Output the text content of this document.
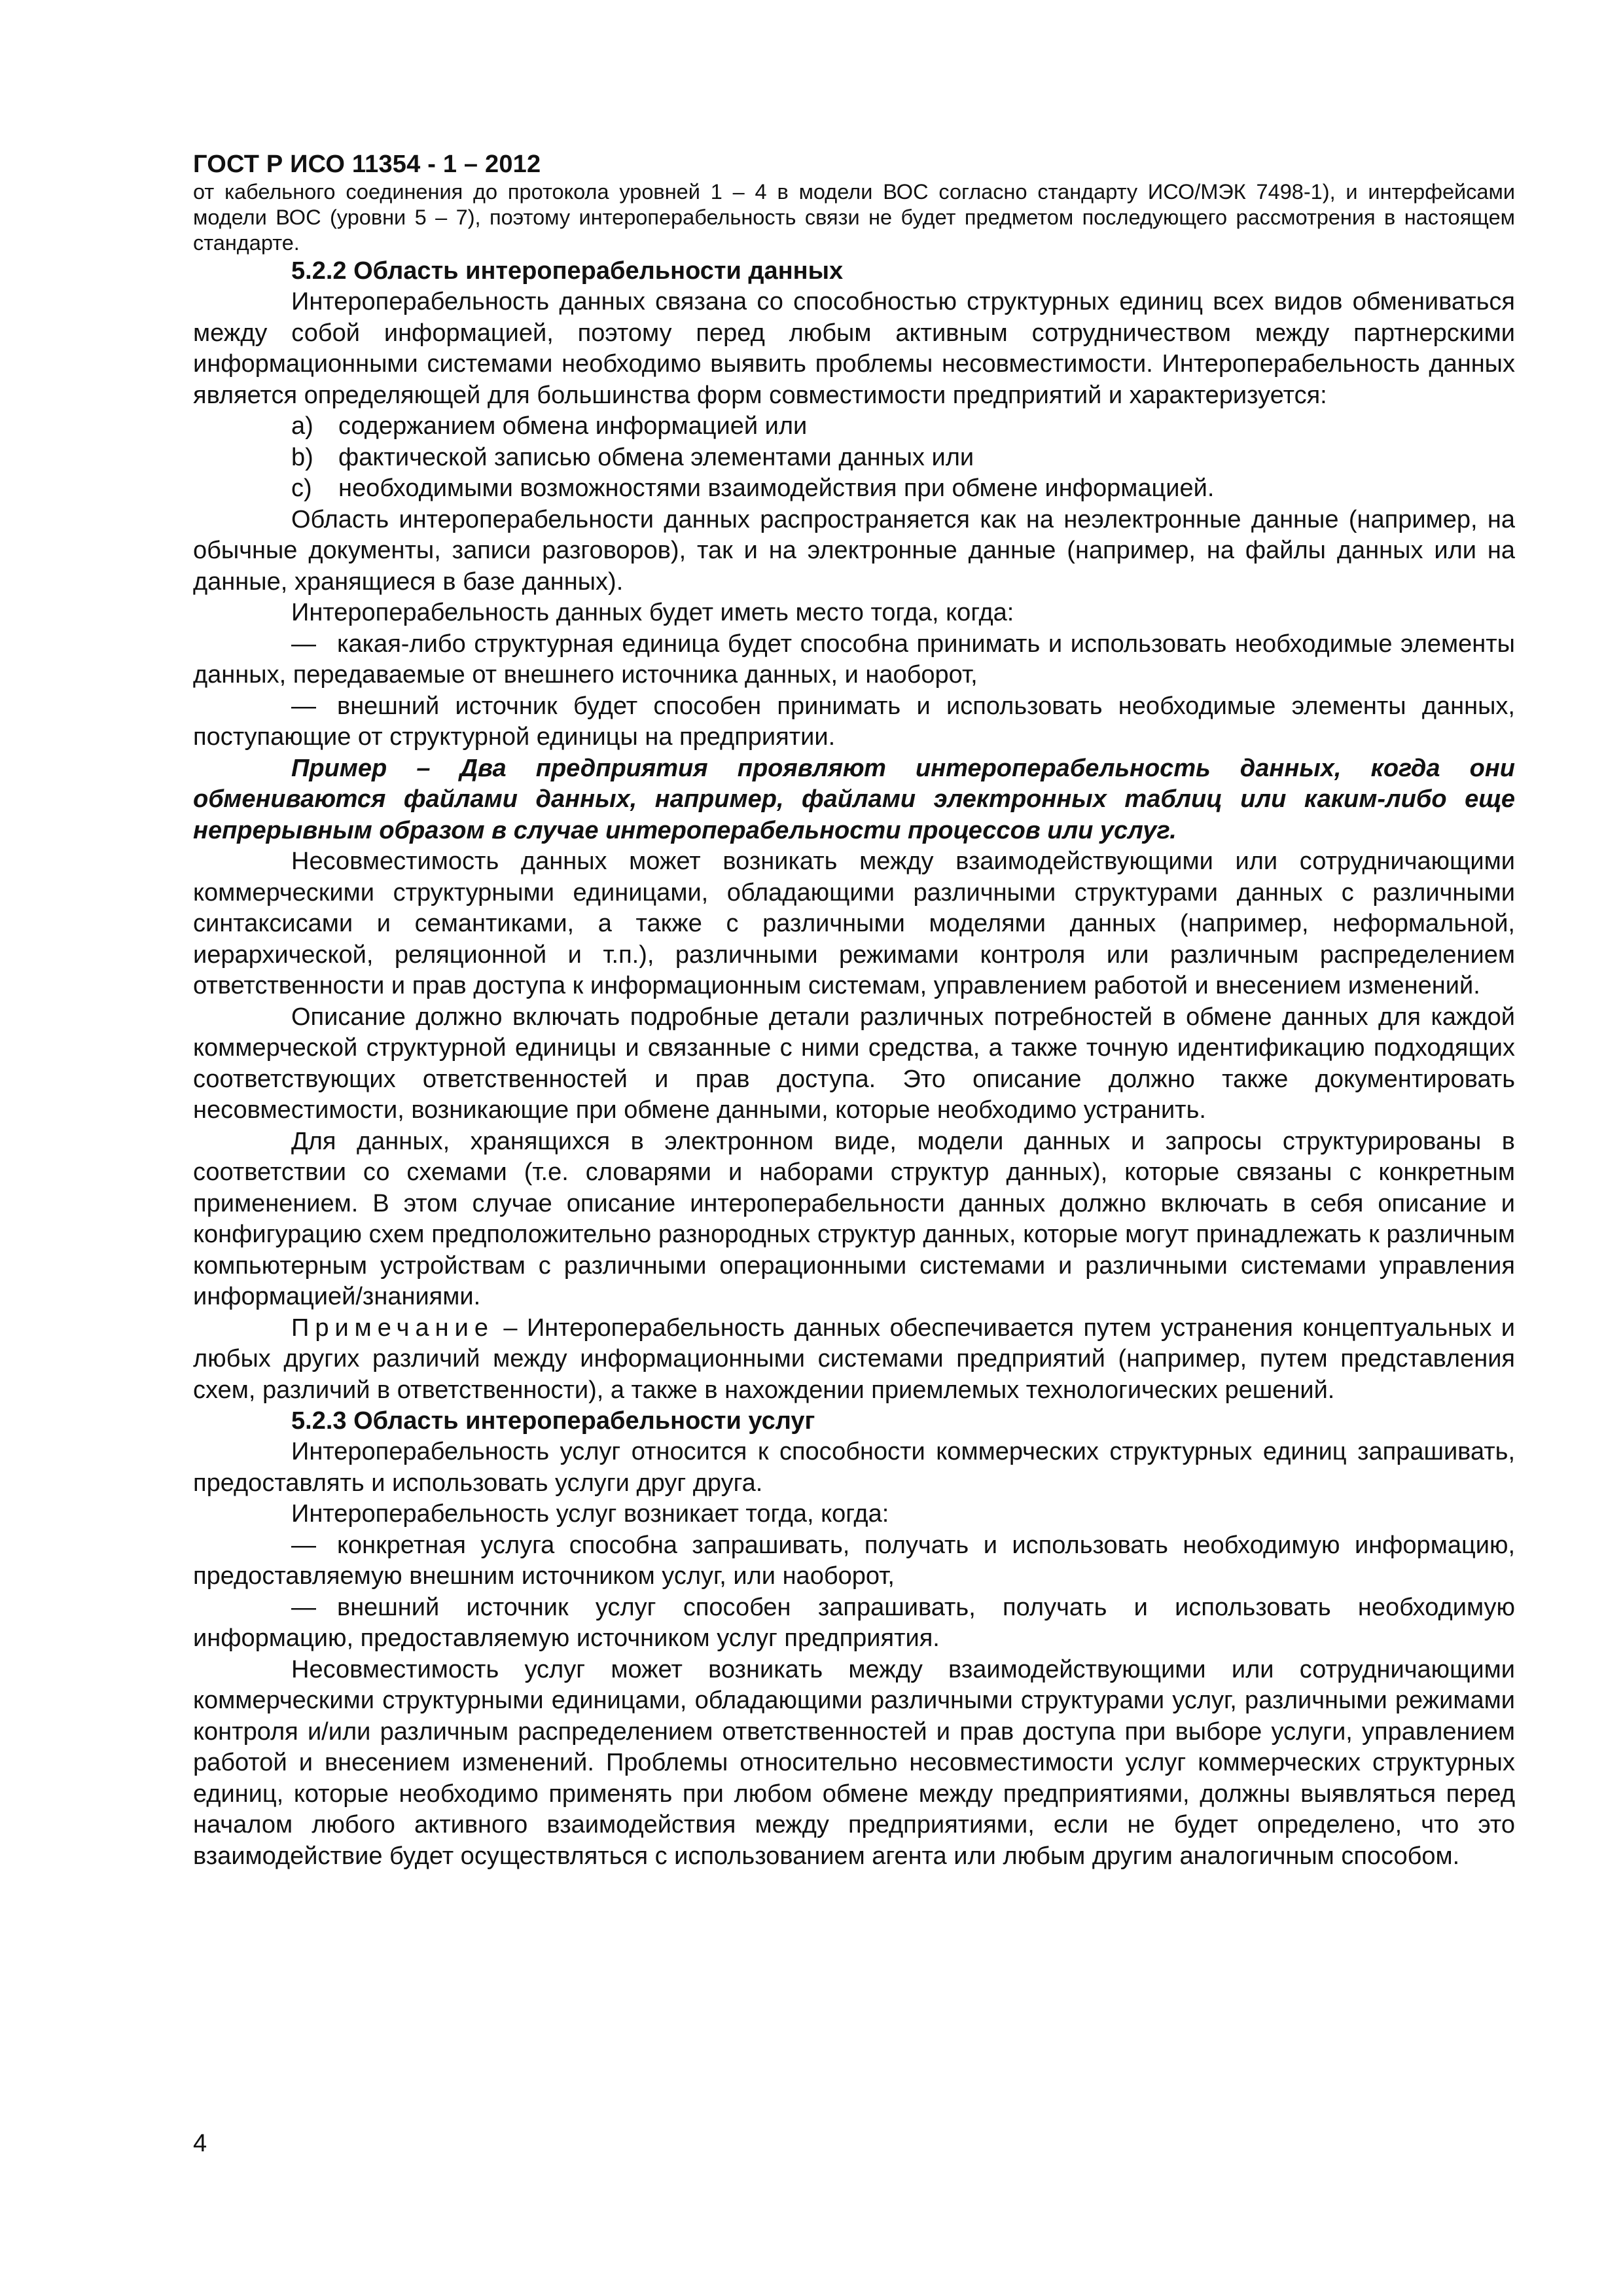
ГОСТ Р ИСО 11354 - 1 – 2012

от кабельного соединения до протокола уровней 1 – 4 в модели ВОС согласно стандарту ИСО/МЭК 7498-1), и интерфейсами модели ВОС (уровни 5 – 7), поэтому интероперабельность связи не будет предметом последующего рассмотрения в настоящем стандарте.

5.2.2 Область интероперабельности данных

Интероперабельность данных связана со способностью структурных единиц всех видов обмениваться между собой информацией, поэтому перед любым активным сотрудничеством между партнерскими информационными системами необходимо выявить проблемы несовместимости. Интероперабельность данных является определяющей для большинства форм совместимости предприятий и характеризуется:

a) содержанием обмена информацией или

b) фактической записью обмена элементами данных или

c) необходимыми возможностями взаимодействия при обмене информацией.

Область интероперабельности данных распространяется как на неэлектронные данные (например, на обычные документы, записи разговоров), так и на электронные данные (например, на файлы данных или на данные, хранящиеся в базе данных).

Интероперабельность данных будет иметь место тогда, когда:

— какая-либо структурная единица будет способна принимать и использовать необходимые элементы данных, передаваемые от внешнего источника данных, и наоборот,

— внешний источник будет способен принимать и использовать необходимые элементы данных, поступающие от структурной единицы на предприятии.

Пример – Два предприятия проявляют интероперабельность данных, когда они обмениваются файлами данных, например, файлами электронных таблиц или каким-либо еще непрерывным образом в случае интероперабельности процессов или услуг.

Несовместимость данных может возникать между взаимодействующими или сотрудничающими коммерческими структурными единицами, обладающими различными структурами данных с различными синтаксисами и семантиками, а также с различными моделями данных (например, неформальной, иерархической, реляционной и т.п.), различными режимами контроля или различным распределением ответственности и прав доступа к информационным системам, управлением работой и внесением изменений.

Описание должно включать подробные детали различных потребностей в обмене данных для каждой коммерческой структурной единицы и связанные с ними средства, а также точную идентификацию подходящих соответствующих ответственностей и прав доступа. Это описание должно также документировать несовместимости, возникающие при обмене данными, которые необходимо устранить.

Для данных, хранящихся в электронном виде, модели данных и запросы структурированы в соответствии со схемами (т.е. словарями и наборами структур данных), которые связаны с конкретным применением. В этом случае описание интероперабельности данных должно включать в себя описание и конфигурацию схем предположительно разнородных структур данных, которые могут принадлежать к различным компьютерным устройствам с различными операционными системами и различными системами управления информацией/знаниями.

Примечание – Интероперабельность данных обеспечивается путем устранения концептуальных и любых других различий между информационными системами предприятий (например, путем представления схем, различий в ответственности), а также в нахождении приемлемых технологических решений.

5.2.3 Область интероперабельности услуг

Интероперабельность услуг относится к способности коммерческих структурных единиц запрашивать, предоставлять и использовать услуги друг друга.

Интероперабельность услуг возникает тогда, когда:

— конкретная услуга способна запрашивать, получать и использовать необходимую информацию, предоставляемую внешним источником услуг, или наоборот,

— внешний источник услуг способен запрашивать, получать и использовать необходимую информацию, предоставляемую источником услуг предприятия.

Несовместимость услуг может возникать между взаимодействующими или сотрудничающими коммерческими структурными единицами, обладающими различными структурами услуг, различными режимами контроля и/или различным распределением ответственностей и прав доступа при выборе услуги, управлением работой и внесением изменений. Проблемы относительно несовместимости услуг коммерческих структурных единиц, которые необходимо применять при любом обмене между предприятиями, должны выявляться перед началом любого активного взаимодействия между предприятиями, если не будет определено, что это взаимодействие будет осуществляться с использованием агента или любым другим аналогичным способом.

4
